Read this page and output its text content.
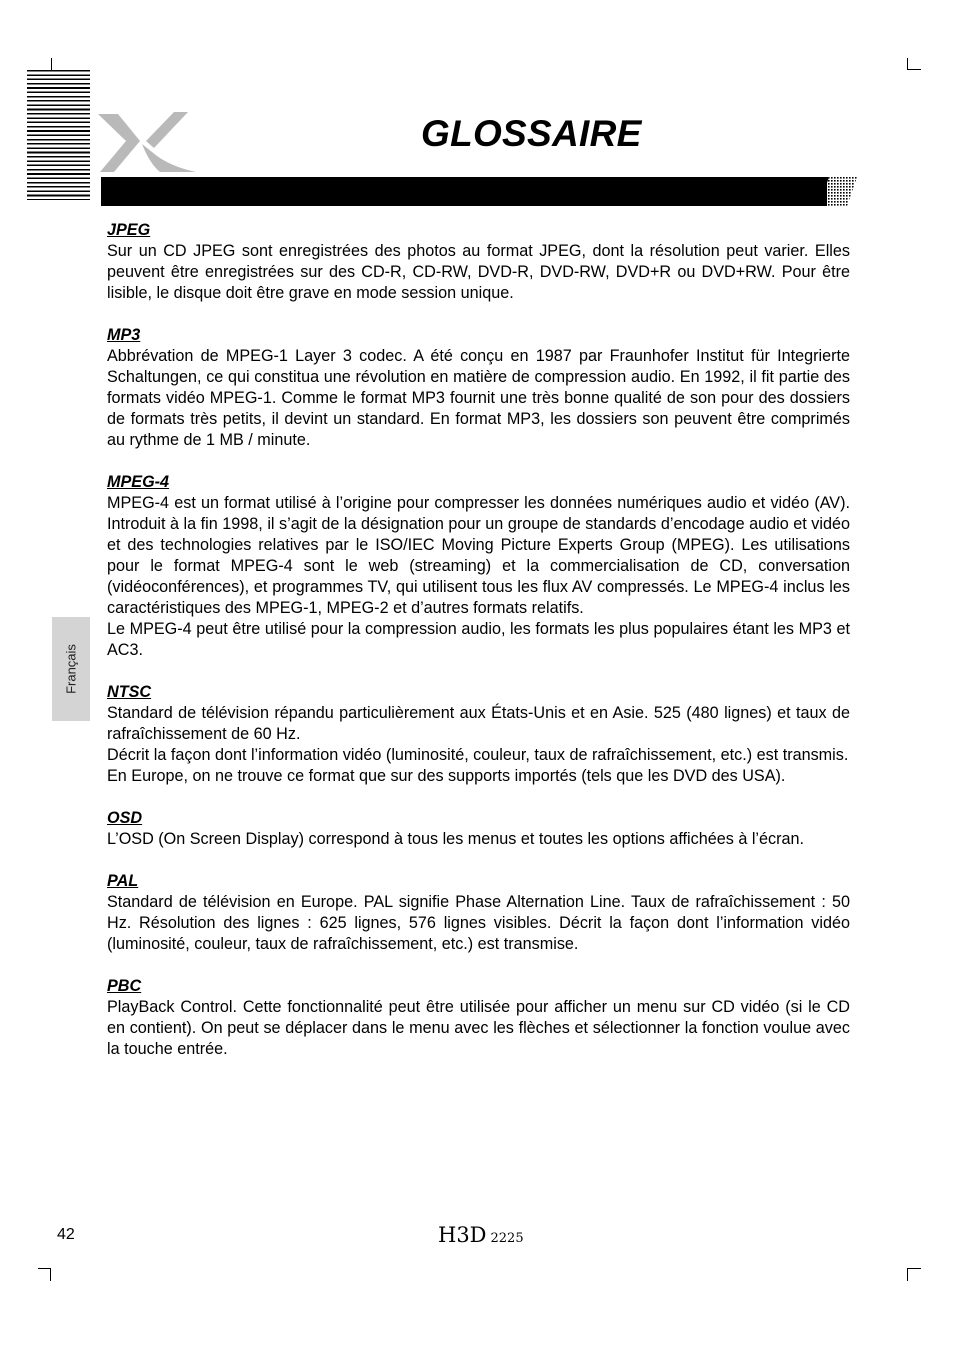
GLOSSAIRE
JPEG
Sur un CD JPEG sont enregistrées des photos au format JPEG, dont la résolution peut varier. Elles peuvent être enregistrées sur des CD-R, CD-RW, DVD-R, DVD-RW, DVD+R ou DVD+RW. Pour être lisible, le disque doit être grave en mode session unique.
MP3
Abbrévation de MPEG-1 Layer 3 codec. A été conçu en 1987 par Fraunhofer Institut für Integrierte Schaltungen, ce qui constitua une révolution en matière de compression audio. En 1992, il fit partie des formats vidéo MPEG-1. Comme le format MP3 fournit une très bonne qualité de son pour des dossiers de formats très petits, il devint un standard. En format MP3, les dossiers son peuvent être comprimés au rythme de 1 MB / minute.
MPEG-4
MPEG-4 est un format utilisé à l’origine pour compresser les données numériques audio et vidéo (AV). Introduit à la fin 1998, il s’agit de la désignation pour un groupe de standards d’encodage audio et vidéo et des technologies relatives par le ISO/IEC Moving Picture Experts Group (MPEG). Les utilisations pour le format MPEG-4 sont le web (streaming) et la commercialisation de CD, conversation (vidéoconférences), et programmes TV, qui utilisent tous les flux AV compressés. Le MPEG-4 inclus les caractéristiques des MPEG-1, MPEG-2 et d’autres formats relatifs.
Le MPEG-4 peut être utilisé pour la compression audio, les formats les plus populaires étant les MP3 et AC3.
NTSC
Standard de télévision répandu particulièrement aux États-Unis et en Asie. 525 (480 lignes) et taux de rafraîchissement de 60 Hz.
Décrit la façon dont l’information vidéo (luminosité, couleur, taux de rafraîchissement, etc.) est transmis.
En Europe, on ne trouve ce format que sur des supports importés (tels que les DVD des USA).
OSD
L’OSD (On Screen Display) correspond à tous les menus et toutes les options affichées à l’écran.
PAL
Standard de télévision en Europe. PAL signifie Phase Alternation Line. Taux de rafraîchissement : 50 Hz. Résolution des lignes : 625 lignes, 576 lignes visibles. Décrit la façon dont l’information vidéo (luminosité, couleur, taux de rafraîchissement, etc.) est transmise.
PBC
PlayBack Control. Cette fonctionnalité peut être utilisée pour afficher un menu sur CD vidéo (si le CD en contient). On peut se déplacer dans le menu avec les flèches et sélectionner la fonction voulue avec la touche entrée.
Français
42	H3D 2225
